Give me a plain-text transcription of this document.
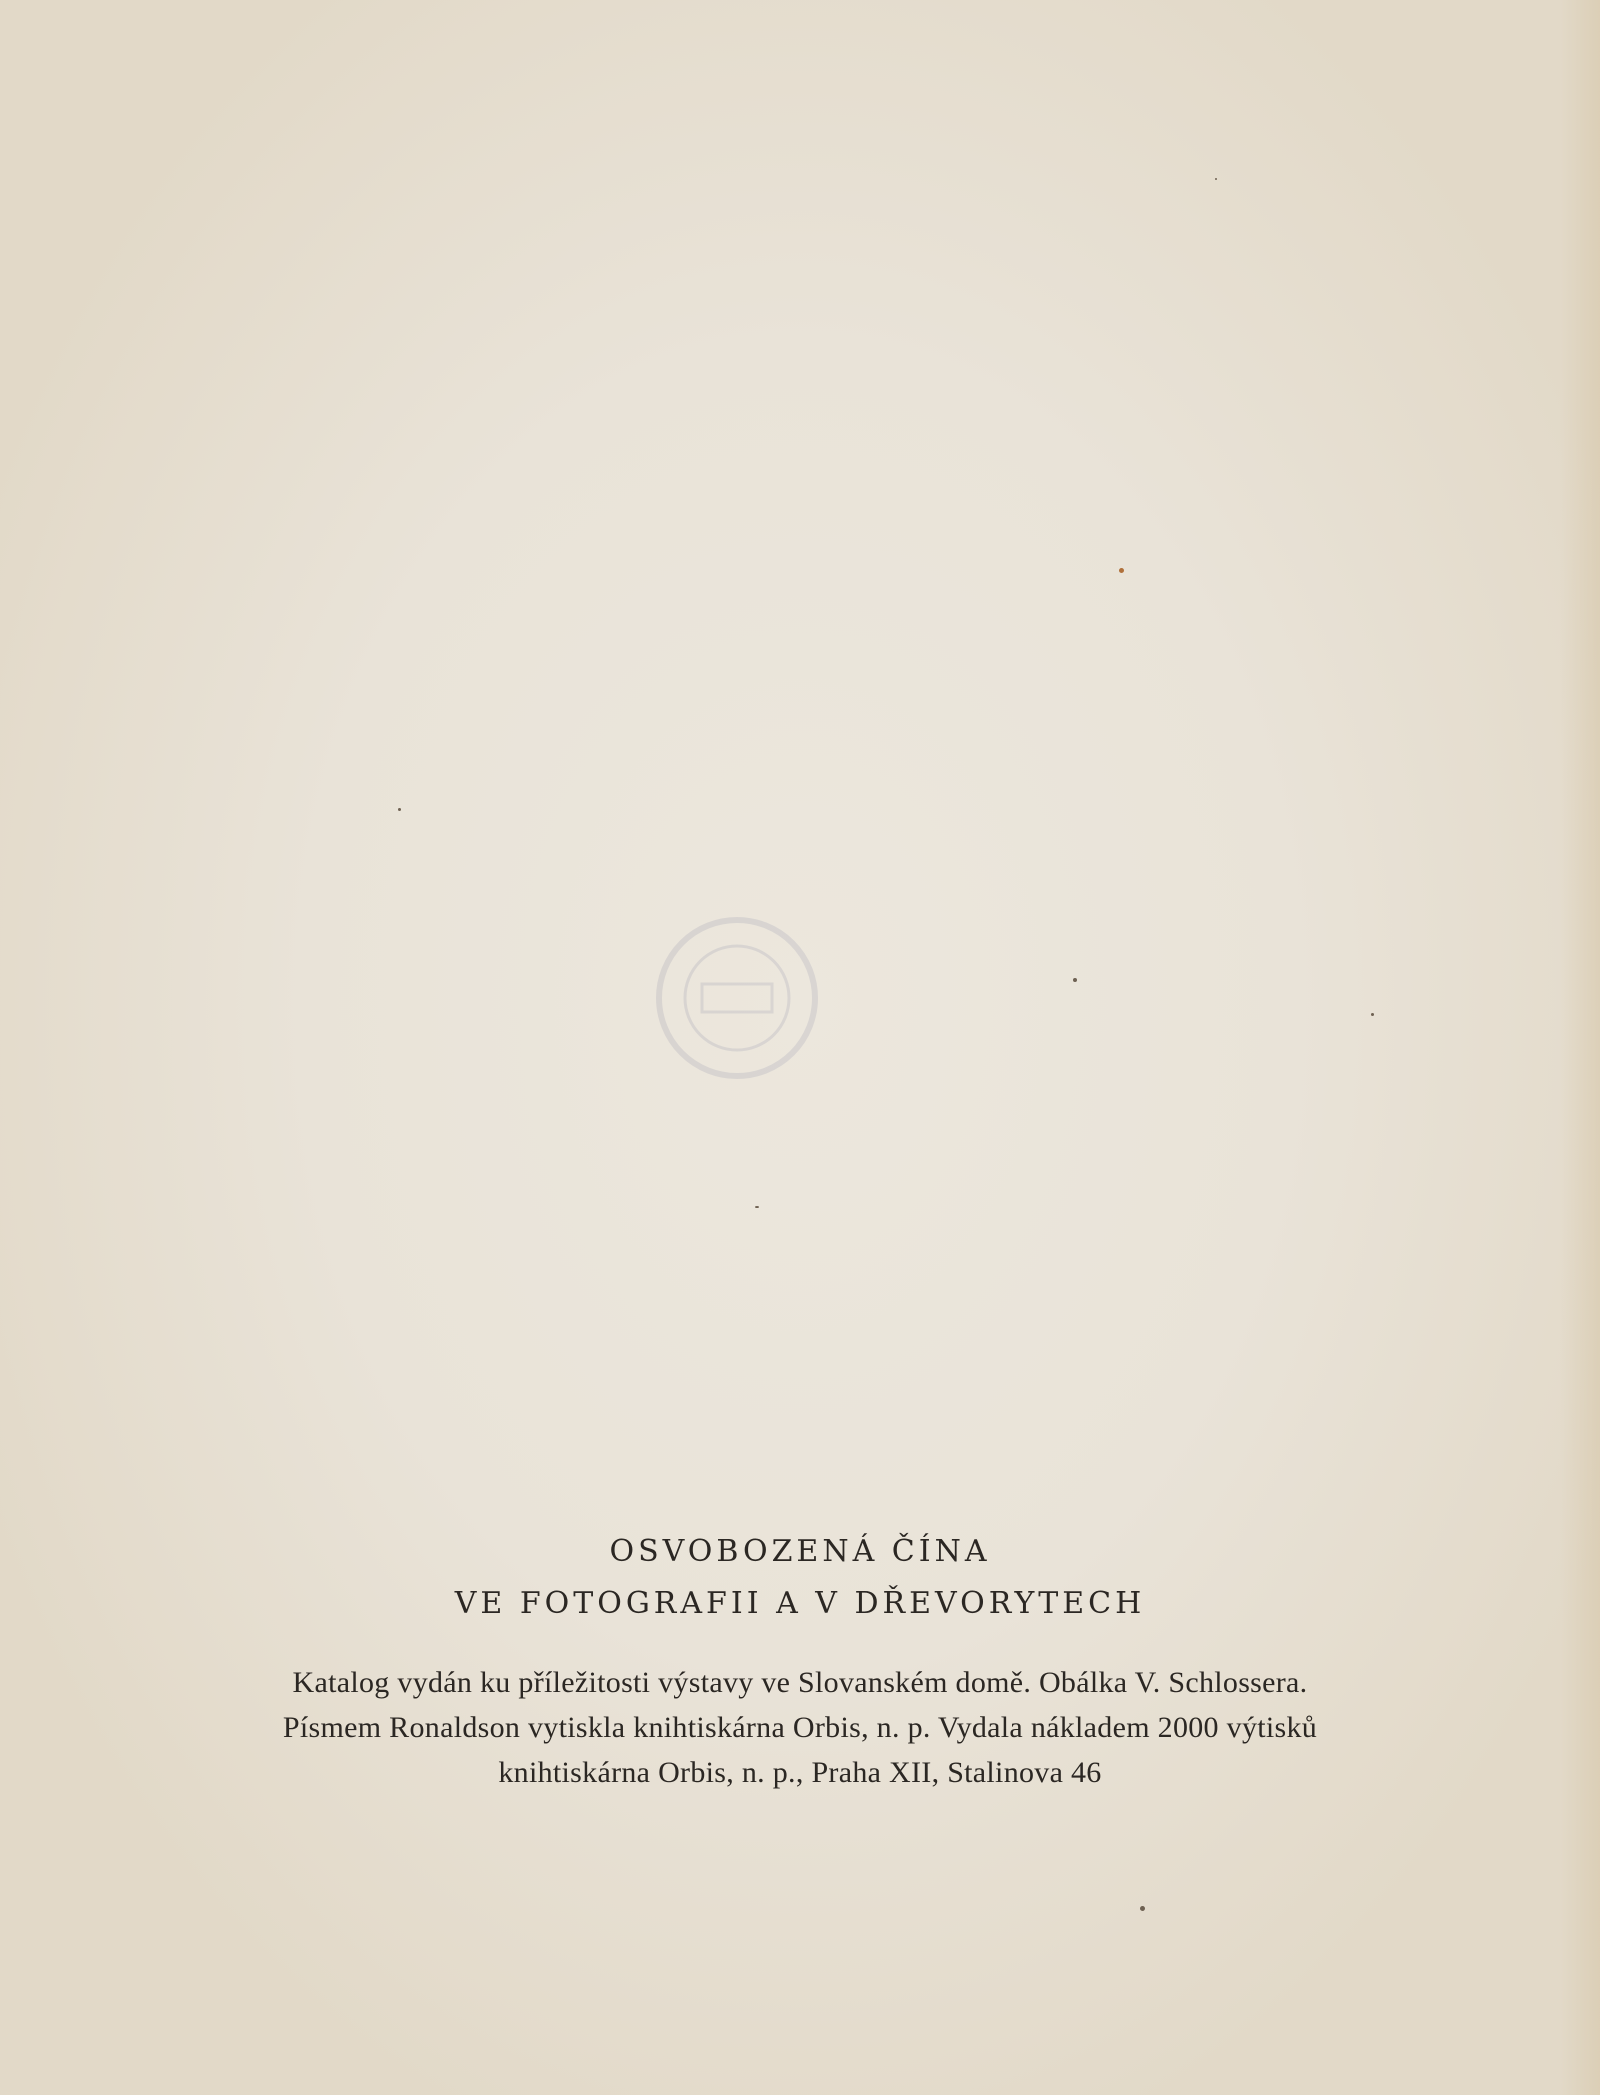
OSVOBOZENÁ ČÍNA
VE FOTOGRAFII A V DŘEVORYTECH
Katalog vydán ku příležitosti výstavy ve Slovanském domě. Obálka V. Schlossera.
Písmem Ronaldson vytiskla knihtiskárna Orbis, n. p. Vydala nákladem 2000 výtisků
knihtiskárna Orbis, n. p., Praha XII, Stalinova 46
